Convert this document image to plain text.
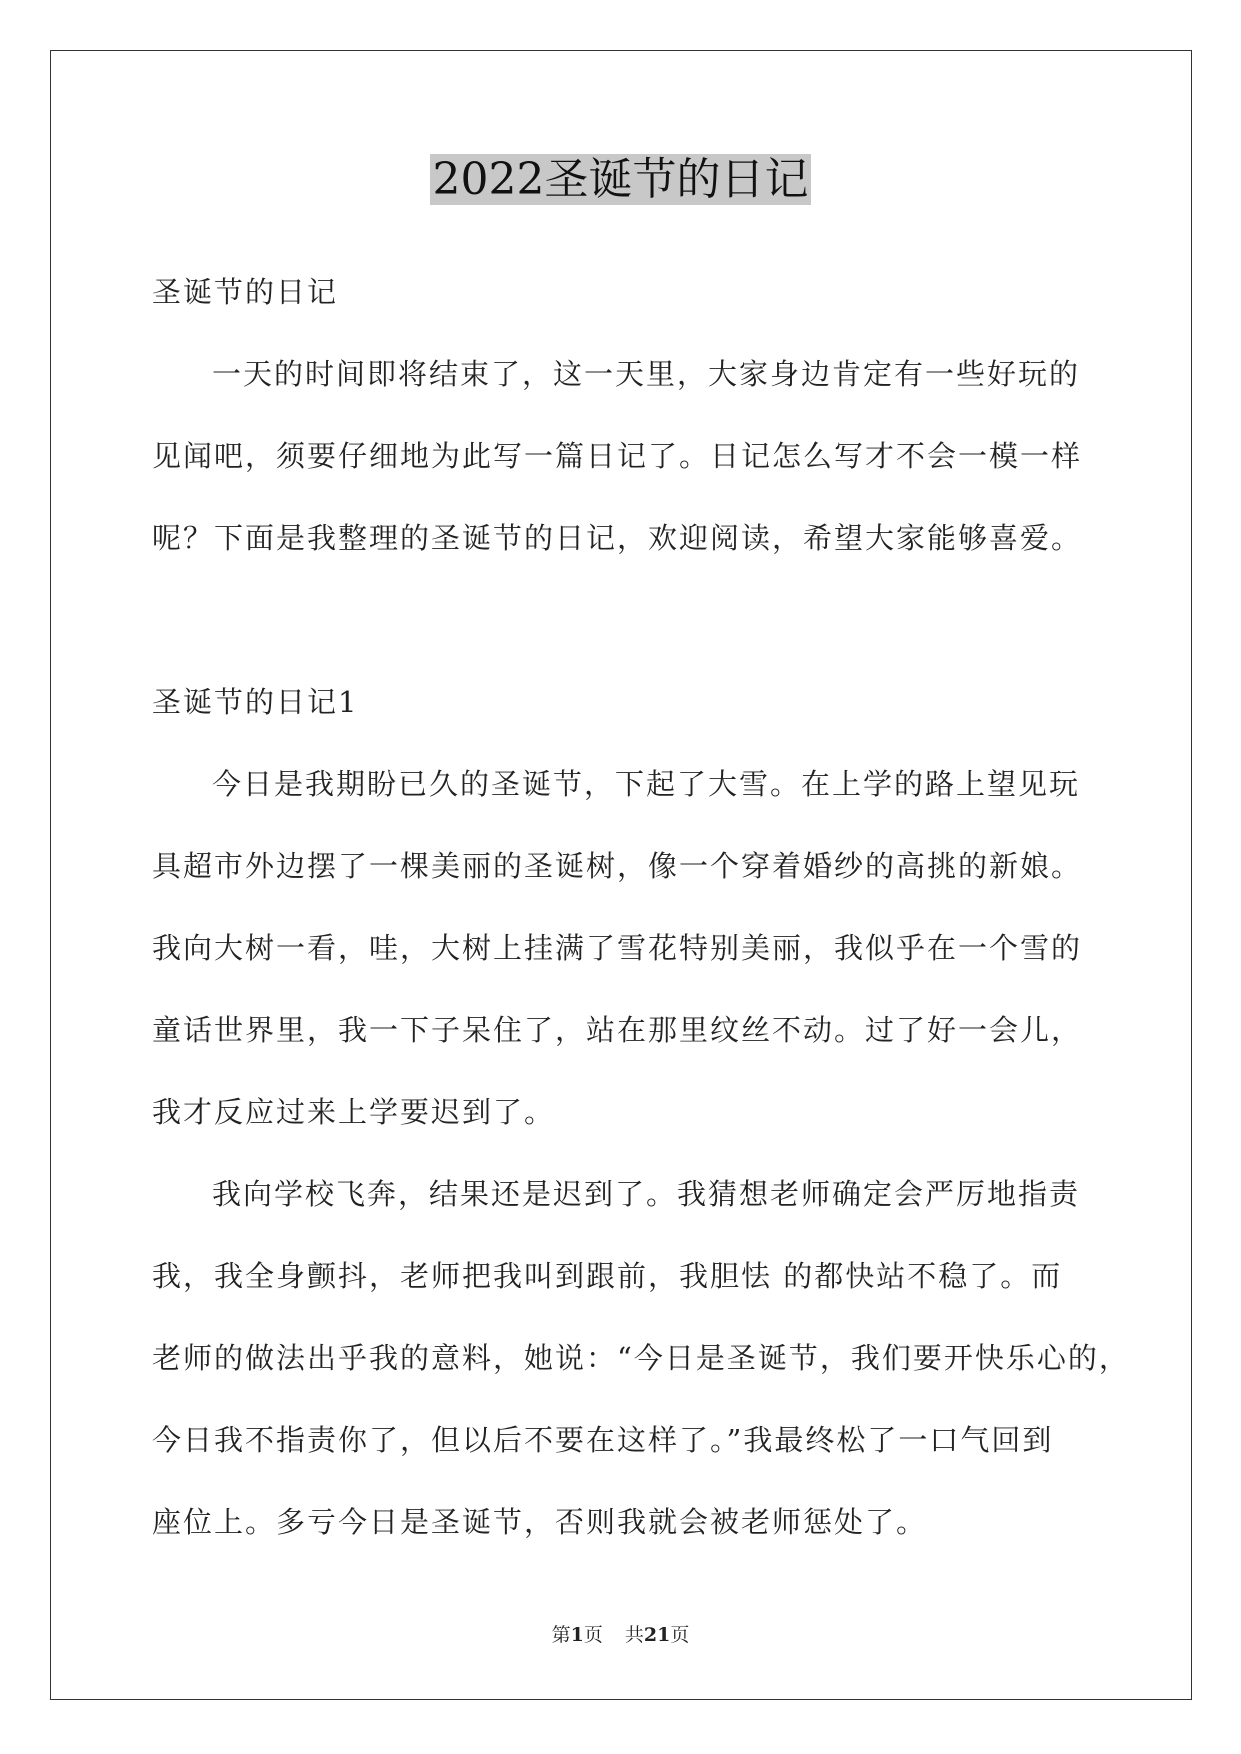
2022圣诞节的日记
圣诞节的日记
一天的时间即将结束了，这一天里，大家身边肯定有一些好玩的
见闻吧，须要仔细地为此写一篇日记了。日记怎么写才不会一模一样
呢？下面是我整理的圣诞节的日记，欢迎阅读，希望大家能够喜爱。
圣诞节的日记1
今日是我期盼已久的圣诞节，下起了大雪。在上学的路上望见玩
具超市外边摆了一棵美丽的圣诞树，像一个穿着婚纱的高挑的新娘。
我向大树一看，哇，大树上挂满了雪花特别美丽，我似乎在一个雪的
童话世界里，我一下子呆住了，站在那里纹丝不动。过了好一会儿，
我才反应过来上学要迟到了。
我向学校飞奔，结果还是迟到了。我猜想老师确定会严厉地指责
我，我全身颤抖，老师把我叫到跟前，我胆怯 的都快站不稳了。而
老师的做法出乎我的意料，她说：“今日是圣诞节，我们要开快乐心的，
今日我不指责你了，但以后不要在这样了。”我最终松了一口气回到
座位上。多亏今日是圣诞节，否则我就会被老师惩处了。
第1页 共21页
